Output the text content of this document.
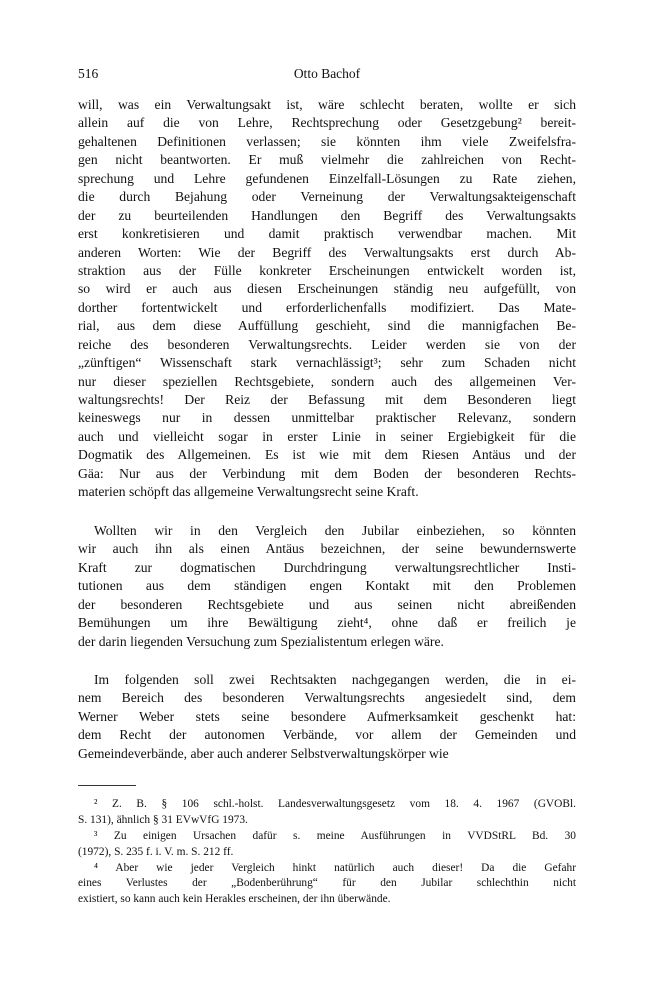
516	Otto Bachof
will, was ein Verwaltungsakt ist, wäre schlecht beraten, wollte er sich
allein auf die von Lehre, Rechtsprechung oder Gesetzgebung² bereit-
gehaltenen Definitionen verlassen; sie könnten ihm viele Zweifelsfra-
gen nicht beantworten. Er muß vielmehr die zahlreichen von Recht-
sprechung und Lehre gefundenen Einzelfall-Lösungen zu Rate ziehen,
die durch Bejahung oder Verneinung der Verwaltungsakteigenschaft
der zu beurteilenden Handlungen den Begriff des Verwaltungsakts
erst konkretisieren und damit praktisch verwendbar machen. Mit
anderen Worten: Wie der Begriff des Verwaltungsakts erst durch Ab-
straktion aus der Fülle konkreter Erscheinungen entwickelt worden ist,
so wird er auch aus diesen Erscheinungen ständig neu aufgefüllt, von
dorther fortentwickelt und erforderlichenfalls modifiziert. Das Mate-
rial, aus dem diese Auffüllung geschieht, sind die mannigfachen Be-
reiche des besonderen Verwaltungsrechts. Leider werden sie von der
„zünftigen“ Wissenschaft stark vernachlässigt³; sehr zum Schaden nicht
nur dieser speziellen Rechtsgebiete, sondern auch des allgemeinen Ver-
waltungsrechts! Der Reiz der Befassung mit dem Besonderen liegt
keineswegs nur in dessen unmittelbar praktischer Relevanz, sondern
auch und vielleicht sogar in erster Linie in seiner Ergiebigkeit für die
Dogmatik des Allgemeinen. Es ist wie mit dem Riesen Antäus und der
Gäa: Nur aus der Verbindung mit dem Boden der besonderen Rechts-
materien schöpft das allgemeine Verwaltungsrecht seine Kraft.
Wollten wir in den Vergleich den Jubilar einbeziehen, so könnten
wir auch ihn als einen Antäus bezeichnen, der seine bewundernswerte
Kraft zur dogmatischen Durchdringung verwaltungsrechtlicher Insti-
tutionen aus dem ständigen engen Kontakt mit den Problemen
der besonderen Rechtsgebiete und aus seinen nicht abreißenden
Bemühungen um ihre Bewältigung zieht⁴, ohne daß er freilich je
der darin liegenden Versuchung zum Spezialistentum erlegen wäre.
Im folgenden soll zwei Rechtsakten nachgegangen werden, die in ei-
nem Bereich des besonderen Verwaltungsrechts angesiedelt sind, dem
Werner Weber stets seine besondere Aufmerksamkeit geschenkt hat:
dem Recht der autonomen Verbände, vor allem der Gemeinden und
Gemeindeverbände, aber auch anderer Selbstverwaltungskörper wie
² Z. B. § 106 schl.-holst. Landesverwaltungsgesetz vom 18. 4. 1967 (GVOBl.
S. 131), ähnlich § 31 EVwVfG 1973.
³ Zu einigen Ursachen dafür s. meine Ausführungen in VVDStRL Bd. 30
(1972), S. 235 f. i. V. m. S. 212 ff.
⁴ Aber wie jeder Vergleich hinkt natürlich auch dieser! Da die Gefahr
eines Verlustes der „Bodenberührung“ für den Jubilar schlechthin nicht
existiert, so kann auch kein Herakles erscheinen, der ihn überwände.
